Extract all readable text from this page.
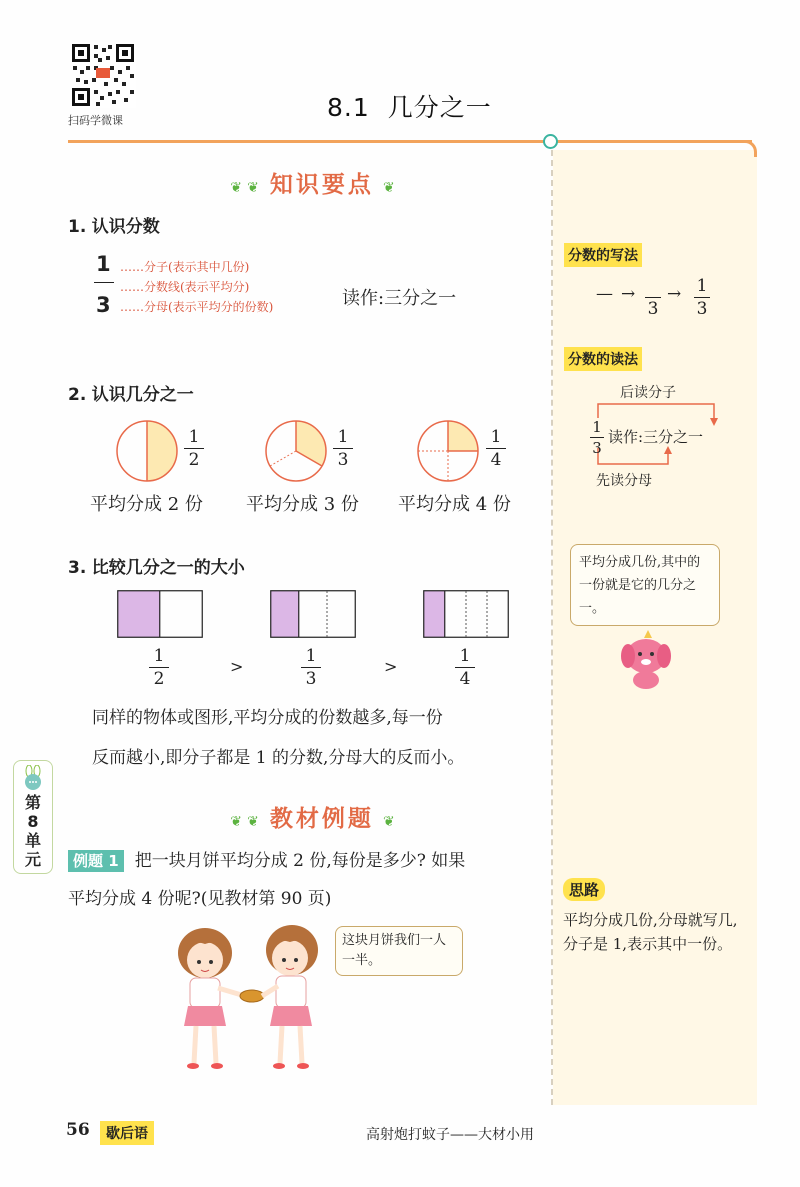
扫码学微课	8.1 几分之一
❦ ❦ 知识要点 ❦
1. 认识分数
1
3
……分子(表示其中几份)
……分数线(表示平均分)
……分母(表示平均分的份数)	读作:三分之一
2. 认识几分之一
1
2
平均分成 2 份
1
3
平均分成 3 份
1
4
平均分成 4 份
3. 比较几分之一的大小
1
2
>
1
3
>
1
4
同样的物体或图形,平均分成的份数越多,每一份
反而越小,即分子都是 1 的分数,分母大的反而小。
第8单元
❦ ❦ 教材例题 ❦
例题 1 把一块月饼平均分成 2 份,每份是多少? 如果
平均分成 4 份呢?(见教材第 90 页)
这块月饼我们一人一半。
分数的写法
— →
3
→ 1
3
分数的读法
后读分子
1
3
读作:三分之一
先读分母
平均分成几份,其中的一份就是它的几分之一。
思路
平均分成几份,分母就写几,分子是 1,表示其中一份。
56	歇后语	高射炮打蚊子——大材小用
